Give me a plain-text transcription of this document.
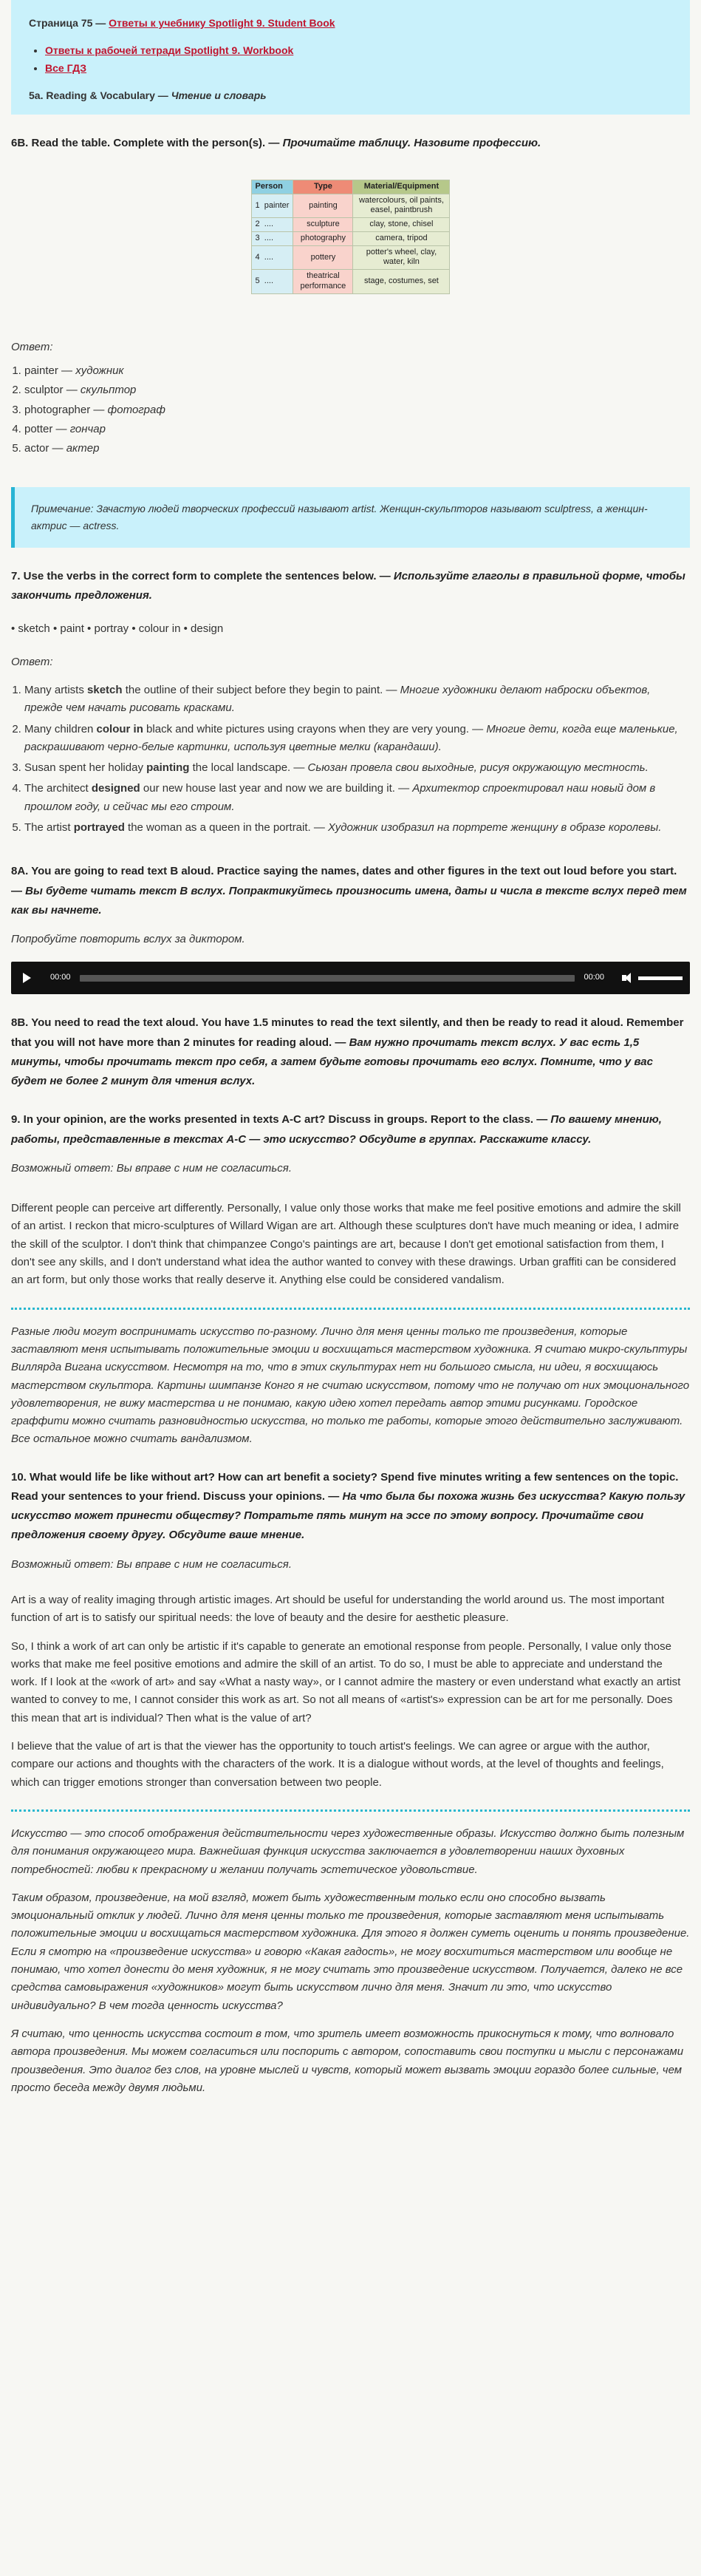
Страница 75 — Ответы к учебнику Spotlight 9. Student Book

• Ответы к рабочей тетради Spotlight 9. Workbook
• Все ГДЗ

5a. Reading & Vocabulary — Чтение и словарь

6B. Read the table. Complete with the person(s). — Прочитайте таблицу. Назовите профессию.
Person	Type	Material/Equipment
1 painter	painting	watercolours, oil paints, easel, paintbrush
2 ....	sculpture	clay, stone, chisel
3 ....	photography	camera, tripod
4 ....	pottery	potter's wheel, clay, water, kiln
5 ....	theatrical performance	stage, costumes, set
Ответ:
1. painter — художник
2. sculptor — скульптор
3. photographer — фотограф
4. potter — гончар
5. actor — актер
Примечание: Зачастую людей творческих профессий называют artist. Женщин-скульпторов называют sculptress, а женщин-актрис — actress.
7. Use the verbs in the correct form to complete the sentences below. — Используйте глаголы в правильной форме, чтобы закончить предложения.
• sketch • paint • portray • colour in • design
Ответ:
1. Many artists sketch the outline of their subject before they begin to paint. — Многие художники делают наброски объектов, прежде чем начать рисовать красками.
2. Many children colour in black and white pictures using crayons when they are very young. — Многие дети, когда еще маленькие, раскрашивают черно-белые картинки, используя цветные мелки (карандаши).
3. Susan spent her holiday painting the local landscape. — Сьюзан провела свои выходные, рисуя окружающую местность.
4. The architect designed our new house last year and now we are building it. — Архитектор спроектировал наш новый дом в прошлом году, и сейчас мы его строим.
5. The artist portrayed the woman as a queen in the portrait. — Художник изобразил на портрете женщину в образе королевы.
8A. You are going to read text B aloud. Practice saying the names, dates and other figures in the text out loud before you start. — Вы будете читать текст B вслух. Попрактикуйтесь произносить имена, даты и числа в тексте вслух перед тем как вы начнете.

Попробуйте повторить вслух за диктором.

00:00	00:00
8B. You need to read the text aloud. You have 1.5 minutes to read the text silently, and then be ready to read it aloud. Remember that you will not have more than 2 minutes for reading aloud. — Вам нужно прочитать текст вслух. У вас есть 1,5 минуты, чтобы прочитать текст про себя, а затем будьте готовы прочитать его вслух. Помните, что у вас будет не более 2 минут для чтения вслух.
9. In your opinion, are the works presented in texts A-C art? Discuss in groups. Report to the class. — По вашему мнению, работы, представленные в текстах A-C — это искусство? Обсудите в группах. Расскажите классу.

Возможный ответ: Вы вправе с ним не согласиться.

Different people can perceive art differently. Personally, I value only those works that make me feel positive emotions and admire the skill of an artist. I reckon that micro-sculptures of Willard Wigan are art. Although these sculptures don't have much meaning or idea, I admire the skill of the sculptor. I don't think that chimpanzee Congo's paintings are art, because I don't get emotional satisfaction from them, I don't see any skills, and I don't understand what idea the author wanted to convey with these drawings. Urban graffiti can be considered an art form, but only those works that really deserve it. Anything else could be considered vandalism.

Разные люди могут воспринимать искусство по-разному. Лично для меня ценны только те произведения, которые заставляют меня испытывать положительные эмоции и восхищаться мастерством художника. Я считаю микро-скульптуры Виллярда Вигана искусством. Несмотря на то, что в этих скульптурах нет ни большого смысла, ни идеи, я восхищаюсь мастерством скульптора. Картины шимпанзе Конго я не считаю искусством, потому что не получаю от них эмоционального удовлетворения, не вижу мастерства и не понимаю, какую идею хотел передать автор этими рисунками. Городское граффити можно считать разновидностью искусства, но только те работы, которые этого действительно заслуживают. Все остальное можно считать вандализмом.

10. What would life be like without art? How can art benefit a society? Spend five minutes writing a few sentences on the topic. Read your sentences to your friend. Discuss your opinions. — На что была бы похожа жизнь без искусства? Какую пользу искусство может принести обществу? Потратьте пять минут на эссе по этому вопросу. Прочитайте свои предложения своему другу. Обсудите ваше мнение.

Возможный ответ: Вы вправе с ним не согласиться.

Art is a way of reality imaging through artistic images. Art should be useful for understanding the world around us. The most important function of art is to satisfy our spiritual needs: the love of beauty and the desire for aesthetic pleasure.

So, I think a work of art can only be artistic if it's capable to generate an emotional response from people. Personally, I value only those works that make me feel positive emotions and admire the skill of an artist. To do so, I must be able to appreciate and understand the work. If I look at the «work of art» and say «What a nasty way», or I cannot admire the mastery or even understand what exactly an artist wanted to convey to me, I cannot consider this work as art. So not all means of «artist's» expression can be art for me personally. Does this mean that art is individual? Then what is the value of art?

I believe that the value of art is that the viewer has the opportunity to touch artist's feelings. We can agree or argue with the author, compare our actions and thoughts with the characters of the work. It is a dialogue without words, at the level of thoughts and feelings, which can trigger emotions stronger than conversation between two people.

Искусство — это способ отображения действительности через художественные образы. Искусство должно быть полезным для понимания окружающего мира. Важнейшая функция искусства заключается в удовлетворении наших духовных потребностей: любви к прекрасному и желании получать эстетическое удовольствие.

Таким образом, произведение, на мой взгляд, может быть художественным только если оно способно вызвать эмоциональный отклик у людей. Лично для меня ценны только те произведения, которые заставляют меня испытывать положительные эмоции и восхищаться мастерством художника. Для этого я должен суметь оценить и понять произведение. Если я смотрю на «произведение искусства» и говорю «Какая гадость», не могу восхититься мастерством или вообще не понимаю, что хотел донести до меня художник, я не могу считать это произведение искусством. Получается, далеко не все средства самовыражения «художников» могут быть искусством лично для меня. Значит ли это, что искусство индивидуально? В чем тогда ценность искусства?

Я считаю, что ценность искусства состоит в том, что зритель имеет возможность прикоснуться к тому, что волновало автора произведения. Мы можем согласиться или поспорить с автором, сопоставить свои поступки и мысли с персонажами произведения. Это диалог без слов, на уровне мыслей и чувств, который может вызвать эмоции гораздо более сильные, чем просто беседа между двумя людьми.
